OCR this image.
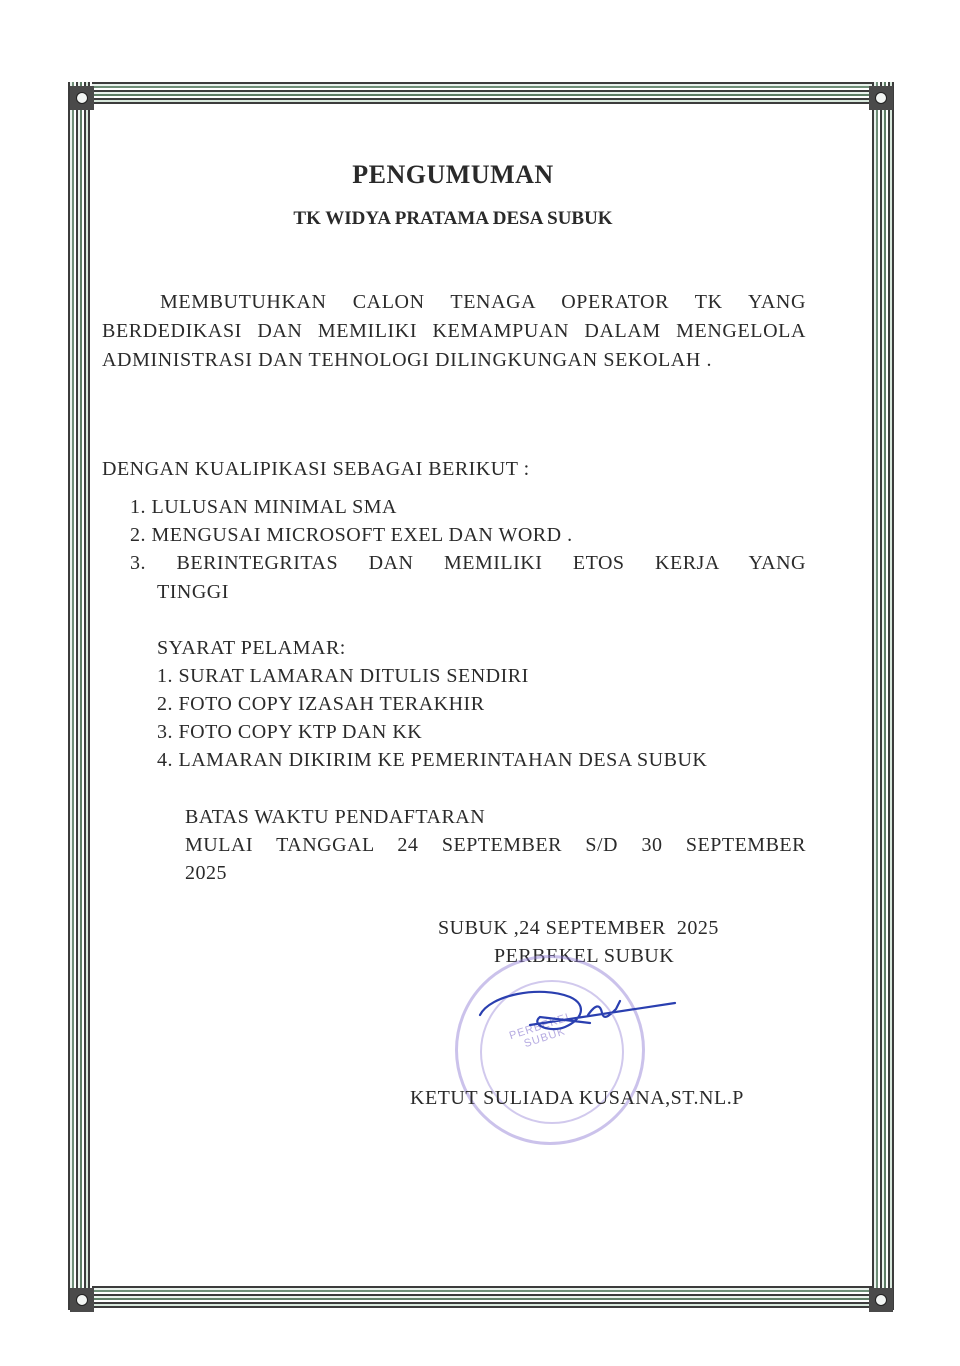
PENGUMUMAN
TK WIDYA PRATAMA DESA SUBUK
MEMBUTUHKAN CALON TENAGA OPERATOR TK YANG BERDEDIKASI DAN MEMILIKI KEMAMPUAN DALAM MENGELOLA ADMINISTRASI DAN TEHNOLOGI DILINGKUNGAN SEKOLAH .
DENGAN KUALIPIKASI SEBAGAI BERIKUT :
1. LULUSAN MINIMAL SMA
2. MENGUSAI MICROSOFT EXEL DAN WORD .
3. BERINTEGRITAS DAN MEMILIKI ETOS KERJA YANG
TINGGI
SYARAT PELAMAR:
1. SURAT LAMARAN DITULIS SENDIRI
2. FOTO COPY IZASAH TERAKHIR
3. FOTO COPY KTP DAN KK
4. LAMARAN DIKIRIM KE PEMERINTAHAN DESA SUBUK
BATAS WAKTU PENDAFTARAN
MULAI TANGGAL 24 SEPTEMBER S/D 30 SEPTEMBER
2025
SUBUK ,24 SEPTEMBER  2025
PERBEKEL SUBUK
PERBEKEL SUBUK
KETUT SULIADA KUSANA,ST.NL.P
